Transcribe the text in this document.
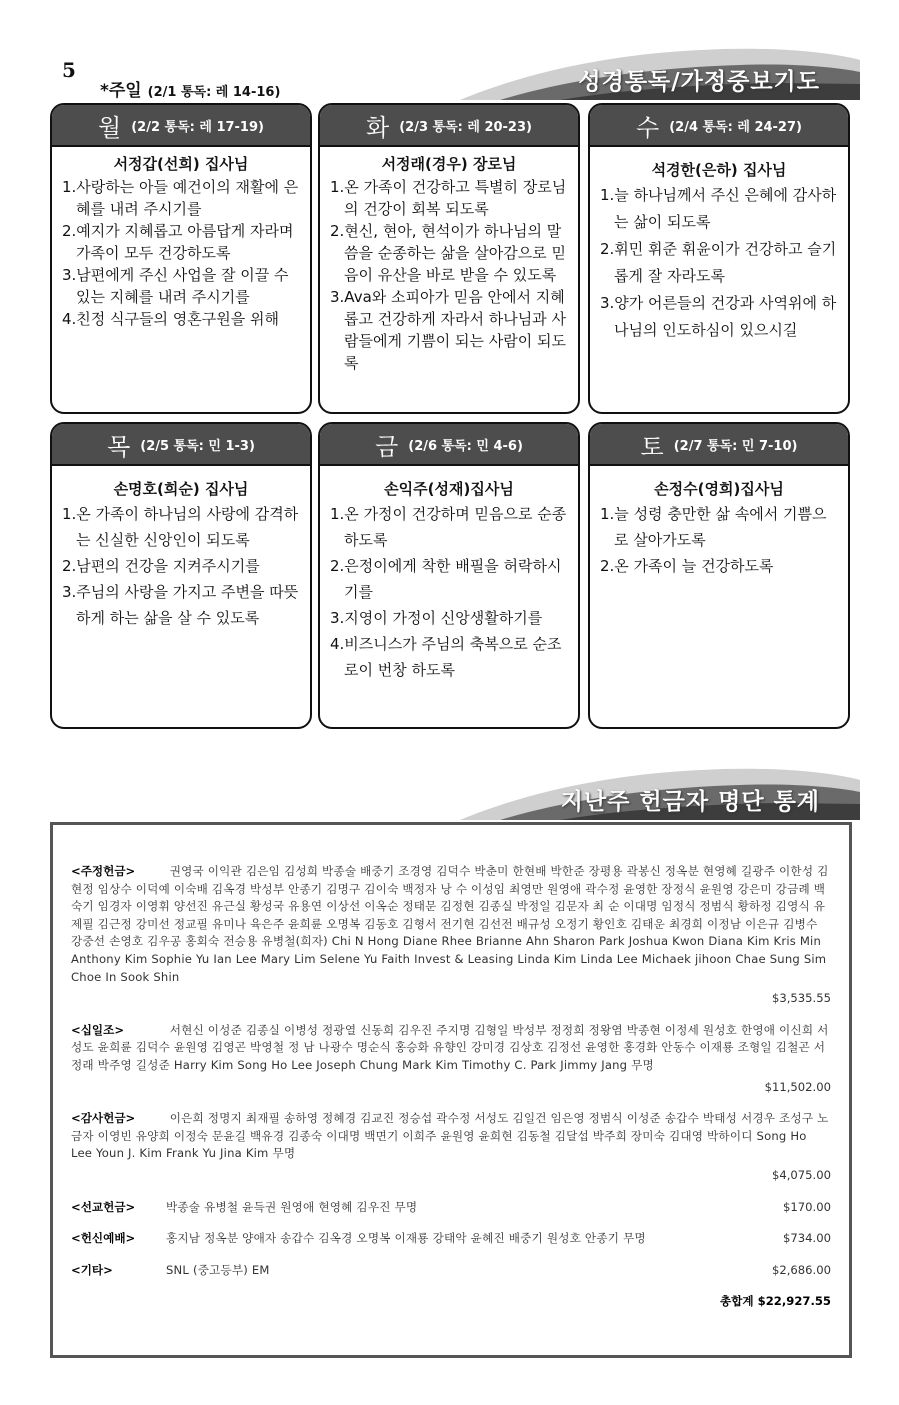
5
*주일 (2/1 통독: 레 14-16)	성경통독/가정중보기도
월 (2/2 통독: 레 17-19)
서정갑(선희) 집사님
1.사랑하는 아들 예건이의 재활에 은혜를 내려 주시기를
2.예지가 지혜롭고 아름답게 자라며 가족이 모두 건강하도록
3.남편에게 주신 사업을 잘 이끌 수 있는 지혜를 내려 주시기를
4.친정 식구들의 영혼구원을 위해
화 (2/3 통독: 레 20-23)
서정래(경우) 장로님
1.온 가족이 건강하고 특별히 장로님의 건강이 회복 되도록
2.현신, 현아, 현석이가 하나님의 말씀을 순종하는 삶을 살아감으로 믿음이 유산을 바로 받을 수 있도록
3.Ava와 소피아가 믿음 안에서 지혜롭고 건강하게 자라서 하나님과 사람들에게 기쁨이 되는 사람이 되도록
수 (2/4 통독: 레 24-27)
석경한(은하) 집사님
1.늘 하나님께서 주신 은혜에 감사하는 삶이 되도록
2.휘민 휘준 휘윤이가 건강하고 슬기롭게 잘 자라도록
3.양가 어른들의 건강과 사역위에 하나님의 인도하심이 있으시길
목 (2/5 통독: 민 1-3)
손명호(희순) 집사님
1.온 가족이 하나님의 사랑에 감격하는 신실한 신앙인이 되도록
2.남편의 건강을 지켜주시기를
3.주님의 사랑을 가지고 주변을 따뜻하게 하는 삶을 살 수 있도록
금 (2/6 통독: 민 4-6)
손익주(성재)집사님
1.온 가정이 건강하며 믿음으로 순종하도록
2.은정이에게 착한 배필을 허락하시기를
3.지영이 가정이 신앙생활하기를
4.비즈니스가 주님의 축복으로 순조로이 번창 하도록
토 (2/7 통독: 민 7-10)
손정수(영희)집사님
1.늘 성령 충만한 삶 속에서 기쁨으로 살아가도록
2.온 가족이 늘 건강하도록
지난주 헌금자 명단 통계
<주정헌금>	권영국 이익관 김은임 김성희 박종술 배중기 조경영 김덕수 박춘미 한현배 박한준 장평용 곽봉신 정옥분 현영혜 길광주 이한성 김현정 임상수 이덕예 이숙배 김옥경 박성부 안종기 김명구 김이숙 백정자 낭 수 이성임 최영만 원영애 곽수정 윤영한 장정식 윤원영 강은미 강금례 백숙기 임경자 이영휘 양선진 유근실 황성국 유용연 이상선 이옥순 정태문 김정현 김종실 박정일 김문자 최 순 이대명 임정식 정범식 황하정 김영식 유제필 김근정 강미선 정교필 유미나 육은주 윤희륜 오명복 김동호 김형서 전기현 김선전 배규성 오정기 황인호 김태운 최경희 이정남 이은규 김병수 강중선 손영호 김우공 홍회숙 전승용 유병철(희자) Chi N Hong Diane Rhee Brianne Ahn Sharon Park Joshua Kwon Diana Kim Kris Min Anthony Kim Sophie Yu Ian Lee Mary Lim Selene Yu Faith Invest & Leasing Linda Kim Linda Lee Michaek jihoon Chae Sung Sim Choe In Sook Shin
$3,535.55
<십일조>	서현신 이성준 김종실 이병성 정광열 신동희 김우진 주지명 김형일 박성부 정정희 정왕염 박종현 이정세 원성호 한영애 이신희 서성도 윤희륜 김덕수 윤원영 김영곤 박영철 정 남 나광수 명순식 홍승화 유향인 강미경 김상호 김정선 윤영한 홍경화 안동수 이재룡 조형일 김철곤 서정래 박주영 길성준 Harry Kim Song Ho Lee Joseph Chung Mark Kim Timothy C. Park Jimmy Jang 무명
$11,502.00
<감사헌금>	이은희 정명지 최재필 송하영 정혜경 김교진 정승섭 곽수정 서성도 김일건 임은영 정범식 이성준 송갑수 박태성 서경우 조성구 노금자 이영빈 유양희 이정숙 문윤길 백유경 김종숙 이대명 백면기 이희주 윤원영 윤희현 김동철 김달섭 박주희 장미숙 김대영 박하이디 Song Ho Lee Youn J. Kim Frank Yu Jina Kim 무명
$4,075.00
<선교헌금>	박종술 유병철 윤득권 원영애 현영혜 김우진 무명	$170.00
<헌신예배>	홍지남 정옥분 양애자 송갑수 김옥경 오명복 이재룡 강태악 윤혜진 배중기 원성호 안종기 무명	$734.00
<기타>	SNL (중고등부) EM	$2,686.00
총합계 $22,927.55
